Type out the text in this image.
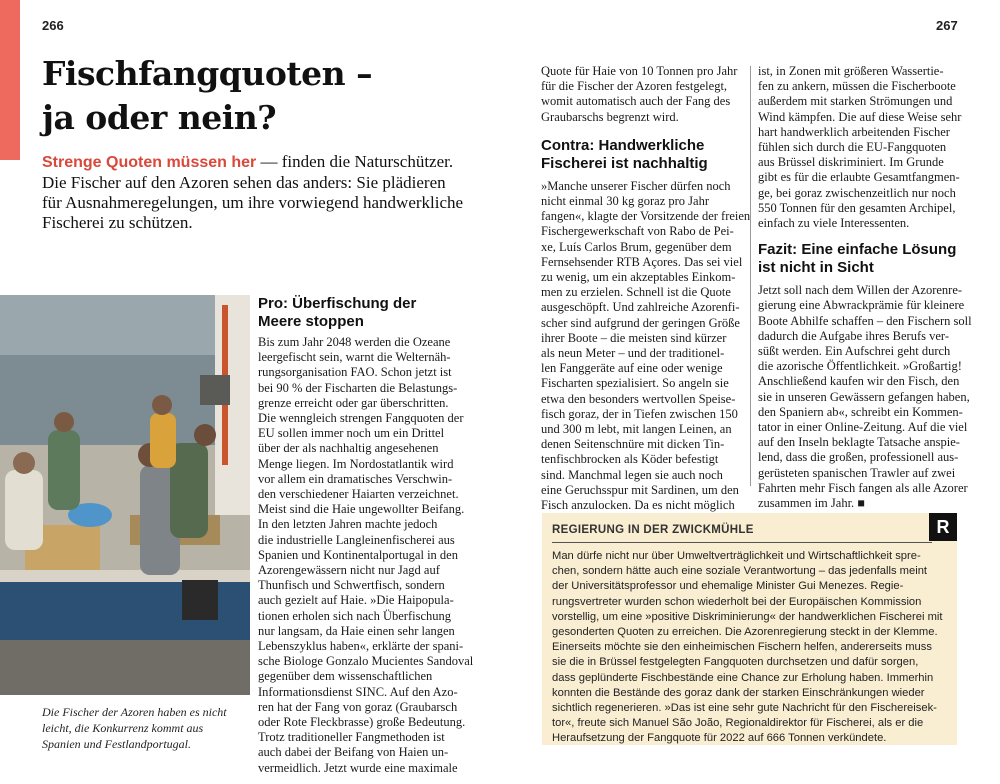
266	267
Fischfangquoten –
ja oder nein?
Strenge Quoten müssen her — finden die Naturschützer.
Die Fischer auf den Azoren sehen das anders: Sie plädieren
für Ausnahmeregelungen, um ihre vorwiegend handwerkliche
Fischerei zu schützen.
Die Fischer der Azoren haben es nicht
leicht, die Konkurrenz kommt aus
Spanien und Festlandportugal.
Pro: Überfischung der
Meere stoppen
Bis zum Jahr 2048 werden die Ozeane
leergefischt sein, warnt die Welternäh-
rungsorganisation FAO. Schon jetzt ist
bei 90 % der Fischarten die Belastungs-
grenze erreicht oder gar überschritten.
Die wenngleich strengen Fangquoten der
EU sollen immer noch um ein Drittel
über der als nachhaltig angesehenen
Menge liegen. Im Nordostatlantik wird
vor allem ein dramatisches Verschwin-
den verschiedener Haiarten verzeichnet.
Meist sind die Haie ungewollter Beifang.
In den letzten Jahren machte jedoch
die industrielle Langleinenfischerei aus
Spanien und Kontinentalportugal in den
Azorengewässern nicht nur Jagd auf
Thunfisch und Schwertfisch, sondern
auch gezielt auf Haie. »Die Haipopula-
tionen erholen sich nach Überfischung
nur langsam, da Haie einen sehr langen
Lebenszyklus haben«, erklärte der spani-
sche Biologe Gonzalo Mucientes Sandoval
gegenüber dem wissenschaftlichen
Informationsdienst SINC. Auf den Azo-
ren hat der Fang von goraz (Graubarsch
oder Rote Fleckbrasse) große Bedeutung.
Trotz traditioneller Fangmethoden ist
auch dabei der Beifang von Haien un-
vermeidlich. Jetzt wurde eine maximale
Quote für Haie von 10 Tonnen pro Jahr
für die Fischer der Azoren festgelegt,
womit automatisch auch der Fang des
Graubarschs begrenzt wird.
Contra: Handwerkliche
Fischerei ist nachhaltig
»Manche unserer Fischer dürfen noch
nicht einmal 30 kg goraz pro Jahr
fangen«, klagte der Vorsitzende der freien
Fischergewerkschaft von Rabo de Pei-
xe, Luís Carlos Brum, gegenüber dem
Fernsehsender RTB Açores. Das sei viel
zu wenig, um ein akzeptables Einkom-
men zu erzielen. Schnell ist die Quote
ausgeschöpft. Und zahlreiche Azorenfi-
scher sind aufgrund der geringen Größe
ihrer Boote – die meisten sind kürzer
als neun Meter – und der traditionel-
len Fanggeräte auf eine oder wenige
Fischarten spezialisiert. So angeln sie
etwa den besonders wertvollen Speise-
fisch goraz, der in Tiefen zwischen 150
und 300 m lebt, mit langen Leinen, an
denen Seitenschnüre mit dicken Tin-
tenfischbrocken als Köder befestigt
sind. Manchmal legen sie auch noch
eine Geruchsspur mit Sardinen, um den
Fisch anzulocken. Da es nicht möglich
ist, in Zonen mit größeren Wassertie-
fen zu ankern, müssen die Fischerboote
außerdem mit starken Strömungen und
Wind kämpfen. Die auf diese Weise sehr
hart handwerklich arbeitenden Fischer
fühlen sich durch die EU-Fangquoten
aus Brüssel diskriminiert. Im Grunde
gibt es für die erlaubte Gesamtfangmen-
ge, bei goraz zwischenzeitlich nur noch
550 Tonnen für den gesamten Archipel,
einfach zu viele Interessenten.
Fazit: Eine einfache Lösung
ist nicht in Sicht
Jetzt soll nach dem Willen der Azorenre-
gierung eine Abwrackprämie für kleinere
Boote Abhilfe schaffen – den Fischern soll
dadurch die Aufgabe ihres Berufs ver-
süßt werden. Ein Aufschrei geht durch
die azorische Öffentlichkeit. »Großartig!
Anschließend kaufen wir den Fisch, den
sie in unseren Gewässern gefangen haben,
den Spaniern ab«, schreibt ein Kommen-
tator in einer Online-Zeitung. Auf die viel
auf den Inseln beklagte Tatsache anspie-
lend, dass die großen, professionell aus-
gerüsteten spanischen Trawler auf zwei
Fahrten mehr Fisch fangen als alle Azorer
zusammen im Jahr. ■
REGIERUNG IN DER ZWICKMÜHLE	R
Man dürfe nicht nur über Umweltverträglichkeit und Wirtschaftlichkeit spre-
chen, sondern hätte auch eine soziale Verantwortung – das jedenfalls meint
der Universitätsprofessor und ehemalige Minister Gui Menezes. Regie-
rungsvertreter wurden schon wiederholt bei der Europäischen Kommission
vorstellig, um eine »positive Diskriminierung« der handwerklichen Fischerei mit
gesonderten Quoten zu erreichen. Die Azorenregierung steckt in der Klemme.
Einerseits möchte sie den einheimischen Fischern helfen, andererseits muss
sie die in Brüssel festgelegten Fangquoten durchsetzen und dafür sorgen,
dass geplünderte Fischbestände eine Chance zur Erholung haben. Immerhin
konnten die Bestände des goraz dank der starken Einschränkungen wieder
sichtlich regenerieren. »Das ist eine sehr gute Nachricht für den Fischereisek-
tor«, freute sich Manuel São João, Regionaldirektor für Fischerei, als er die
Heraufsetzung der Fangquote für 2022 auf 666 Tonnen verkündete.
